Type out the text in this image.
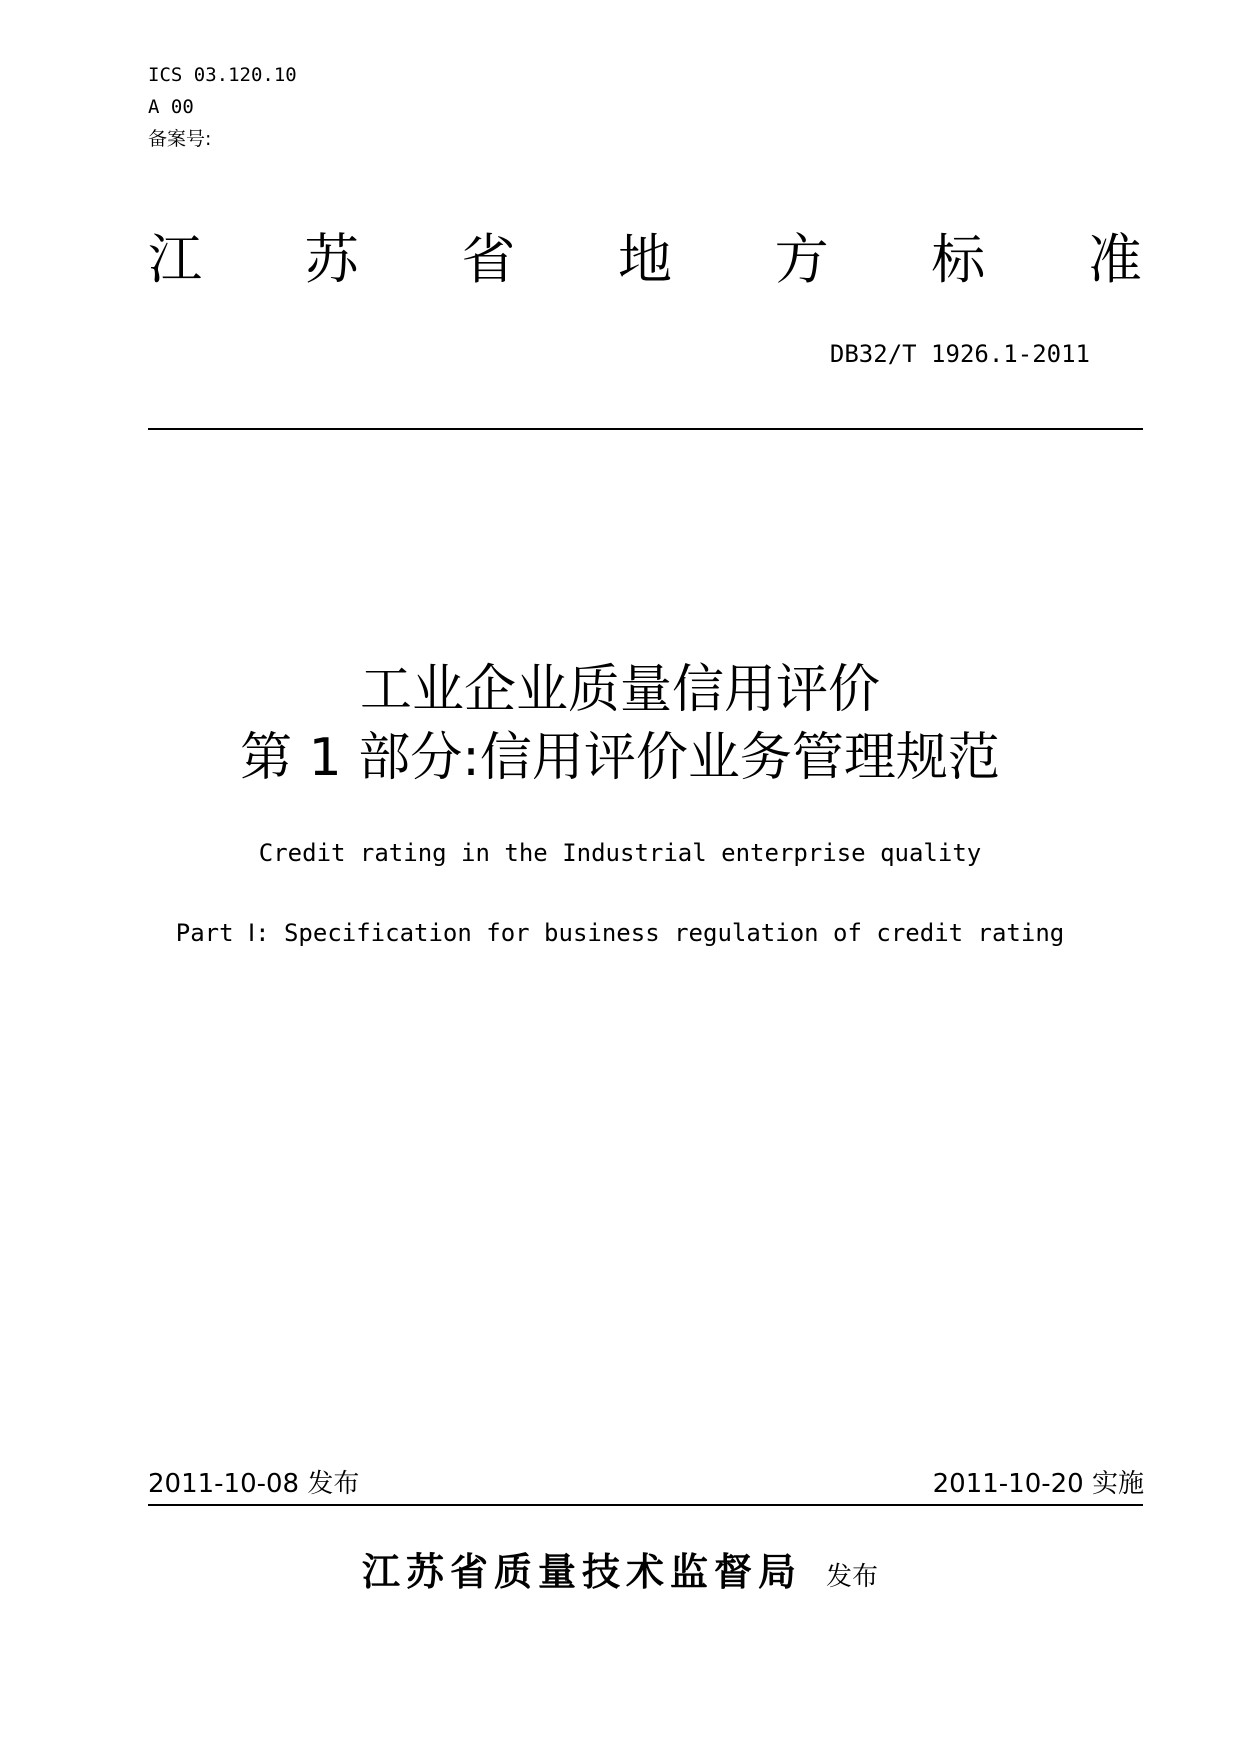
ICS 03.120.10
A 00
备案号:
江 苏 省 地 方 标 准
DB32/T 1926.1-2011
工业企业质量信用评价
第 1 部分:信用评价业务管理规范
Credit rating in the Industrial enterprise quality
Part Ⅰ: Specification for business regulation of credit rating
2011-10-08 发布	2011-10-20 实施
江苏省质量技术监督局 发布
